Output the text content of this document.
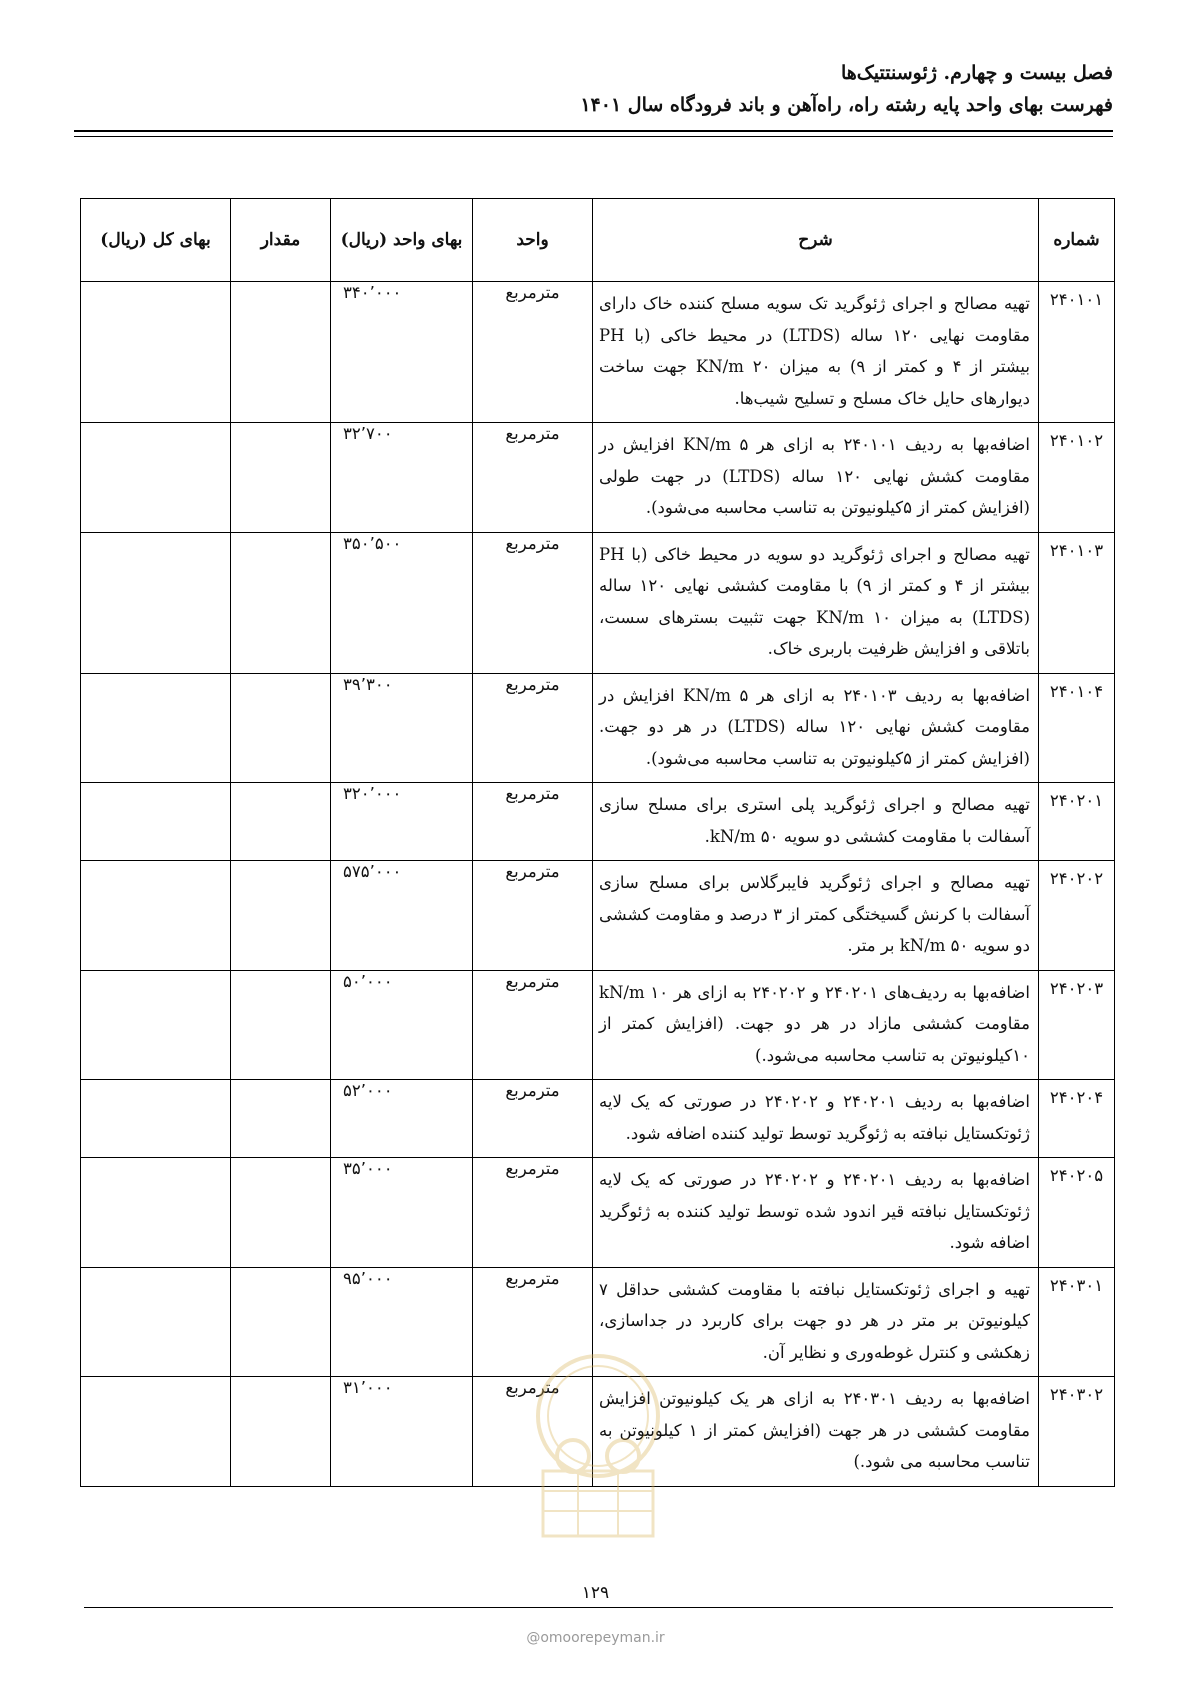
فصل بیست و چهارم. ژئوسنتتیک‌ها
فهرست بهای واحد پایه رشته راه، راه‌آهن و باند فرودگاه سال ۱۴۰۱
شماره	شرح	واحد	بهای واحد (ریال)	مقدار	بهای کل (ریال)
۲۴۰۱۰۱	تهیه مصالح و اجرای ژئوگرید تک سویه مسلح کننده خاک دارای مقاومت نهایی ۱۲۰ ساله (LTDS) در محیط خاکی (با PH بیشتر از ۴ و کمتر از ۹) به میزان ۲۰ KN/m جهت ساخت دیوارهای حایل خاک مسلح و تسلیح شیب‌ها.	مترمربع	۳۴۰٬۰۰۰		
۲۴۰۱۰۲	اضافه‌بها به ردیف ۲۴۰۱۰۱ به ازای هر ۵ KN/m افزایش در مقاومت کشش نهایی ۱۲۰ ساله (LTDS) در جهت طولی (افزایش کمتر از ۵کیلونیوتن به تناسب محاسبه می‌شود).	مترمربع	۳۲٬۷۰۰		
۲۴۰۱۰۳	تهیه مصالح و اجرای ژئوگرید دو سویه در محیط خاکی (با PH بیشتر از ۴ و کمتر از ۹) با مقاومت کششی نهایی ۱۲۰ ساله (LTDS) به میزان ۱۰ KN/m جهت تثبیت بسترهای سست، باتلاقی و افزایش ظرفیت باربری خاک.	مترمربع	۳۵۰٬۵۰۰		
۲۴۰۱۰۴	اضافه‌بها به ردیف ۲۴۰۱۰۳ به ازای هر ۵ KN/m افزایش در مقاومت کشش نهایی ۱۲۰ ساله (LTDS) در هر دو جهت. (افزایش کمتر از ۵کیلونیوتن به تناسب محاسبه می‌شود).	مترمربع	۳۹٬۳۰۰		
۲۴۰۲۰۱	تهیه مصالح و اجرای ژئوگرید پلی استری برای مسلح سازی آسفالت با مقاومت کششی دو سویه ۵۰ kN/m.	مترمربع	۳۲۰٬۰۰۰		
۲۴۰۲۰۲	تهیه مصالح و اجرای ژئوگرید فایبرگلاس برای مسلح سازی آسفالت با کرنش گسیختگی کمتر از ۳ درصد و مقاومت کششی دو سویه ۵۰ kN/m بر متر.	مترمربع	۵۷۵٬۰۰۰		
۲۴۰۲۰۳	اضافه‌بها به ردیف‌های ۲۴۰۲۰۱ و ۲۴۰۲۰۲ به ازای هر ۱۰ kN/m مقاومت کششی مازاد در هر دو جهت. (افزایش کمتر از ۱۰کیلونیوتن به تناسب محاسبه می‌شود.)	مترمربع	۵۰٬۰۰۰		
۲۴۰۲۰۴	اضافه‌بها به ردیف ۲۴۰۲۰۱ و ۲۴۰۲۰۲ در صورتی که یک لایه ژئوتکستایل نبافته به ژئوگرید توسط تولید کننده اضافه شود.	مترمربع	۵۲٬۰۰۰		
۲۴۰۲۰۵	اضافه‌بها به ردیف ۲۴۰۲۰۱ و ۲۴۰۲۰۲ در صورتی که یک لایه ژئوتکستایل نبافته قیر اندود شده توسط تولید کننده به ژئوگرید اضافه شود.	مترمربع	۳۵٬۰۰۰		
۲۴۰۳۰۱	تهیه و اجرای ژئوتکستایل نبافته با مقاومت کششی حداقل ۷ کیلونیوتن بر متر در هر دو جهت برای کاربرد در جداسازی، زهکشی و کنترل غوطه‌وری و نظایر آن.	مترمربع	۹۵٬۰۰۰		
۲۴۰۳۰۲	اضافه‌بها به ردیف ۲۴۰۳۰۱ به ازای هر یک کیلونیوتن افزایش مقاومت کششی در هر جهت (افزایش کمتر از ۱ کیلونیوتن به تناسب محاسبه می شود.)	مترمربع	۳۱٬۰۰۰		
۱۲۹
@omoorepeyman.ir
